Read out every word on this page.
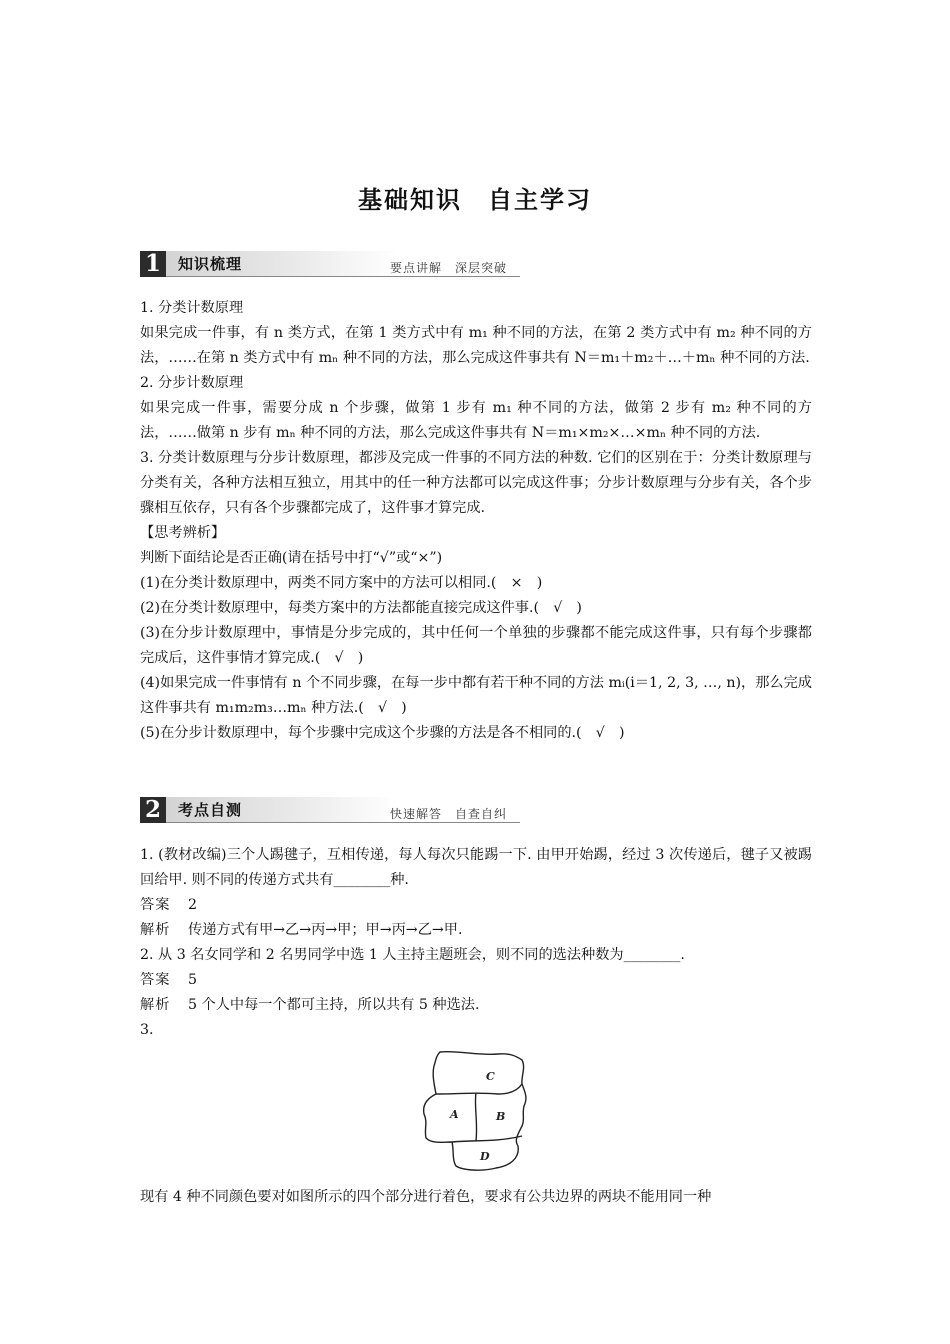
基础知识　自主学习
1	知识梳理	要点讲解　深层突破

1. 分类计数原理

如果完成一件事，有 n 类方式，在第 1 类方式中有 m₁ 种不同的方法，在第 2 类方式中有 m₂ 种不同的方法，……在第 n 类方式中有 mₙ 种不同的方法，那么完成这件事共有 N＝m₁＋m₂＋…＋mₙ 种不同的方法.

2. 分步计数原理

如果完成一件事，需要分成 n 个步骤，做第 1 步有 m₁ 种不同的方法，做第 2 步有 m₂ 种不同的方法，……做第 n 步有 mₙ 种不同的方法，那么完成这件事共有 N＝m₁×m₂×…×mₙ 种不同的方法.

3. 分类计数原理与分步计数原理，都涉及完成一件事的不同方法的种数. 它们的区别在于：分类计数原理与分类有关，各种方法相互独立，用其中的任一种方法都可以完成这件事；分步计数原理与分步有关，各个步骤相互依存，只有各个步骤都完成了，这件事才算完成.

【思考辨析】

判断下面结论是否正确(请在括号中打“√”或“×”)

(1)在分类计数原理中，两类不同方案中的方法可以相同.(　×　)

(2)在分类计数原理中，每类方案中的方法都能直接完成这件事.(　√　)

(3)在分步计数原理中，事情是分步完成的，其中任何一个单独的步骤都不能完成这件事，只有每个步骤都完成后，这件事情才算完成.(　√　)

(4)如果完成一件事情有 n 个不同步骤，在每一步中都有若干种不同的方法 mᵢ(i＝1, 2, 3, …, n)，那么完成这件事共有 m₁m₂m₃…mₙ 种方法.(　√　)

(5)在分步计数原理中，每个步骤中完成这个步骤的方法是各不相同的.(　√　)

2	考点自测	快速解答　自查自纠

1. (教材改编)三个人踢毽子，互相传递，每人每次只能踢一下. 由甲开始踢，经过 3 次传递后，毽子又被踢回给甲. 则不同的传递方式共有________种.

答案 2

解析 传递方式有甲→乙→丙→甲；甲→丙→乙→甲.

2. 从 3 名女同学和 2 名男同学中选 1 人主持主题班会，则不同的选法种数为________.

答案 5

解析 5 个人中每一个都可主持，所以共有 5 种选法.

3.

C
A	B
D

现有 4 种不同颜色要对如图所示的四个部分进行着色，要求有公共边界的两块不能用同一种
